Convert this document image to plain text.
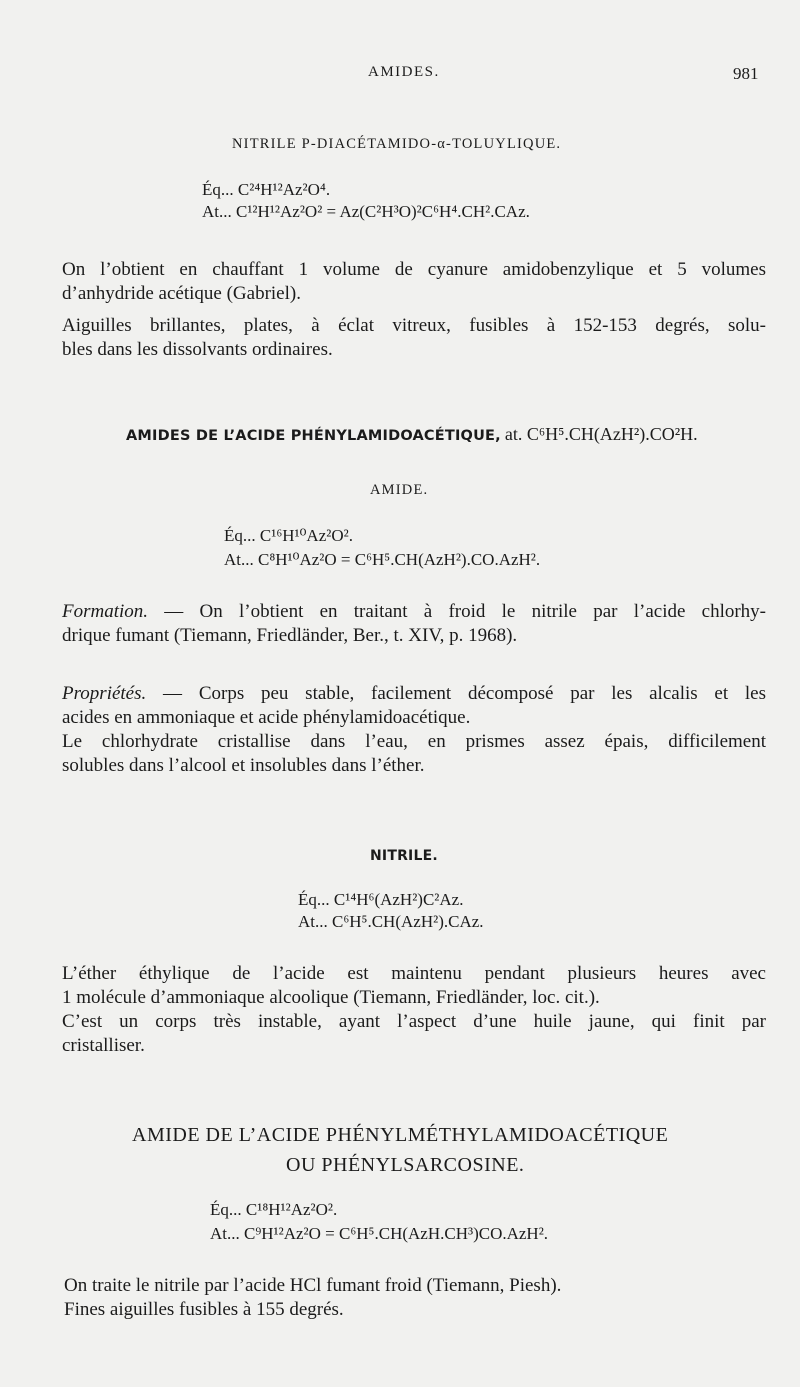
AMIDES.	981
NITRILE P-DIACÉTAMIDO-α-TOLUYLIQUE.
Éq... C²⁴H¹²Az²O⁴.
At... C¹²H¹²Az²O² = Az(C²H³O)²C⁶H⁴.CH².CAz.
On l’obtient en chauffant 1 volume de cyanure amidobenzylique et 5 volumes
d’anhydride acétique (Gabriel).
Aiguilles brillantes, plates, à éclat vitreux, fusibles à 152-153 degrés, solu-
bles dans les dissolvants ordinaires.
AMIDES DE L’ACIDE PHÉNYLAMIDOACÉTIQUE, at. C⁶H⁵.CH(AzH²).CO²H.
AMIDE.
Éq... C¹⁶H¹⁰Az²O².
At... C⁸H¹⁰Az²O = C⁶H⁵.CH(AzH²).CO.AzH².
Formation. — On l’obtient en traitant à froid le nitrile par l’acide chlorhy-
drique fumant (Tiemann, Friedländer, Ber., t. XIV, p. 1968).
Propriétés. — Corps peu stable, facilement décomposé par les alcalis et les
acides en ammoniaque et acide phénylamidoacétique.
Le chlorhydrate cristallise dans l’eau, en prismes assez épais, difficilement
solubles dans l’alcool et insolubles dans l’éther.
NITRILE.
Éq... C¹⁴H⁶(AzH²)C²Az.
At... C⁶H⁵.CH(AzH²).CAz.
L’éther éthylique de l’acide est maintenu pendant plusieurs heures avec
1 molécule d’ammoniaque alcoolique (Tiemann, Friedländer, loc. cit.).
C’est un corps très instable, ayant l’aspect d’une huile jaune, qui finit par
cristalliser.
AMIDE DE L’ACIDE PHÉNYLMÉTHYLAMIDOACÉTIQUE
OU PHÉNYLSARCOSINE.
Éq... C¹⁸H¹²Az²O².
At... C⁹H¹²Az²O = C⁶H⁵.CH(AzH.CH³)CO.AzH².
On traite le nitrile par l’acide HCl fumant froid (Tiemann, Piesh).
Fines aiguilles fusibles à 155 degrés.
